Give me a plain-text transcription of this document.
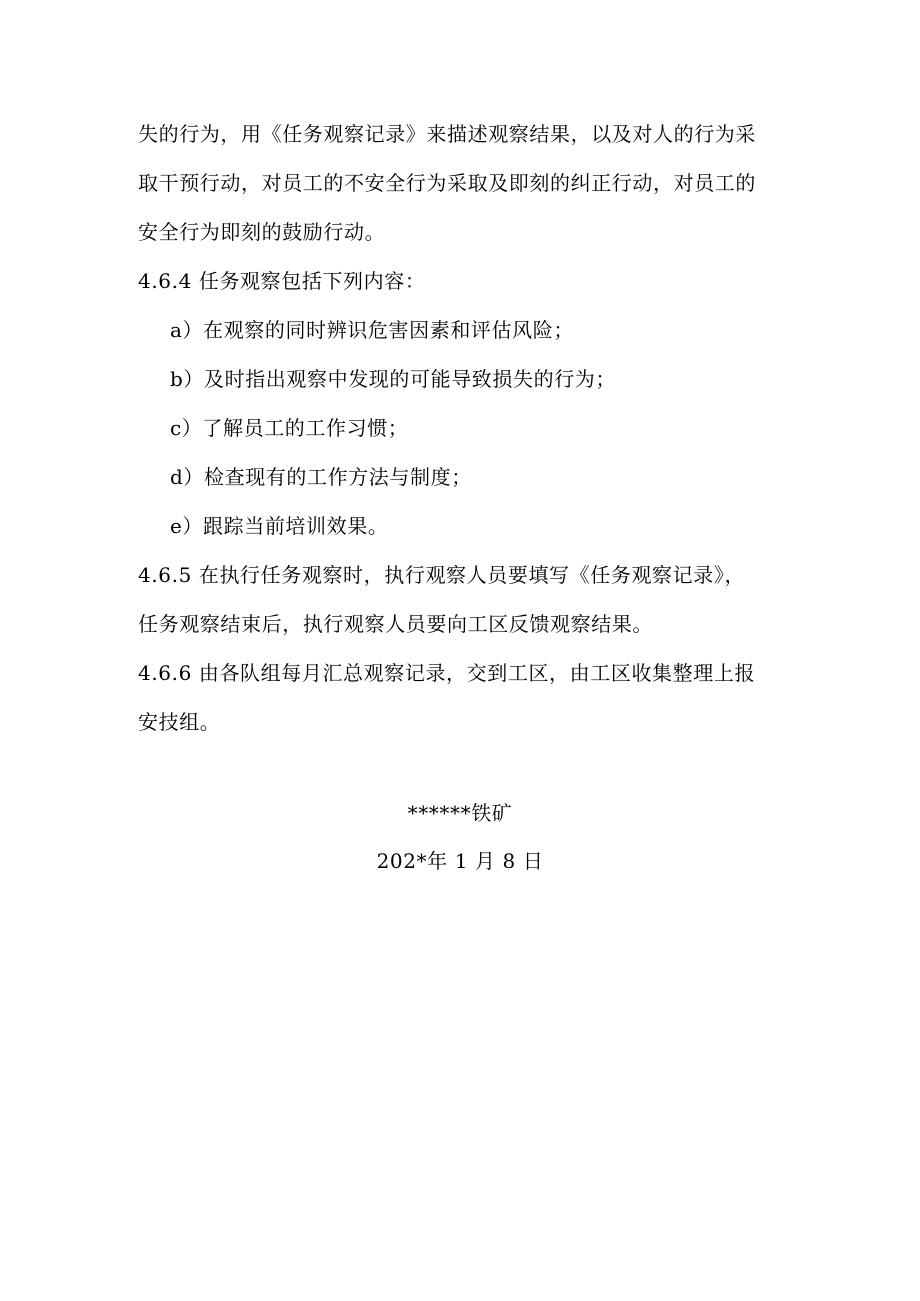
失的行为，用《任务观察记录》来描述观察结果，以及对人的行为采
取干预行动，对员工的不安全行为采取及即刻的纠正行动，对员工的
安全行为即刻的鼓励行动。
4.6.4 任务观察包括下列内容：
a）在观察的同时辨识危害因素和评估风险；
b）及时指出观察中发现的可能导致损失的行为；
c）了解员工的工作习惯；
d）检查现有的工作方法与制度；
e）跟踪当前培训效果。
4.6.5 在执行任务观察时，执行观察人员要填写《任务观察记录》，
任务观察结束后，执行观察人员要向工区反馈观察结果。
4.6.6 由各队组每月汇总观察记录，交到工区，由工区收集整理上报
安技组。
******铁矿
202*年 1 月 8 日
